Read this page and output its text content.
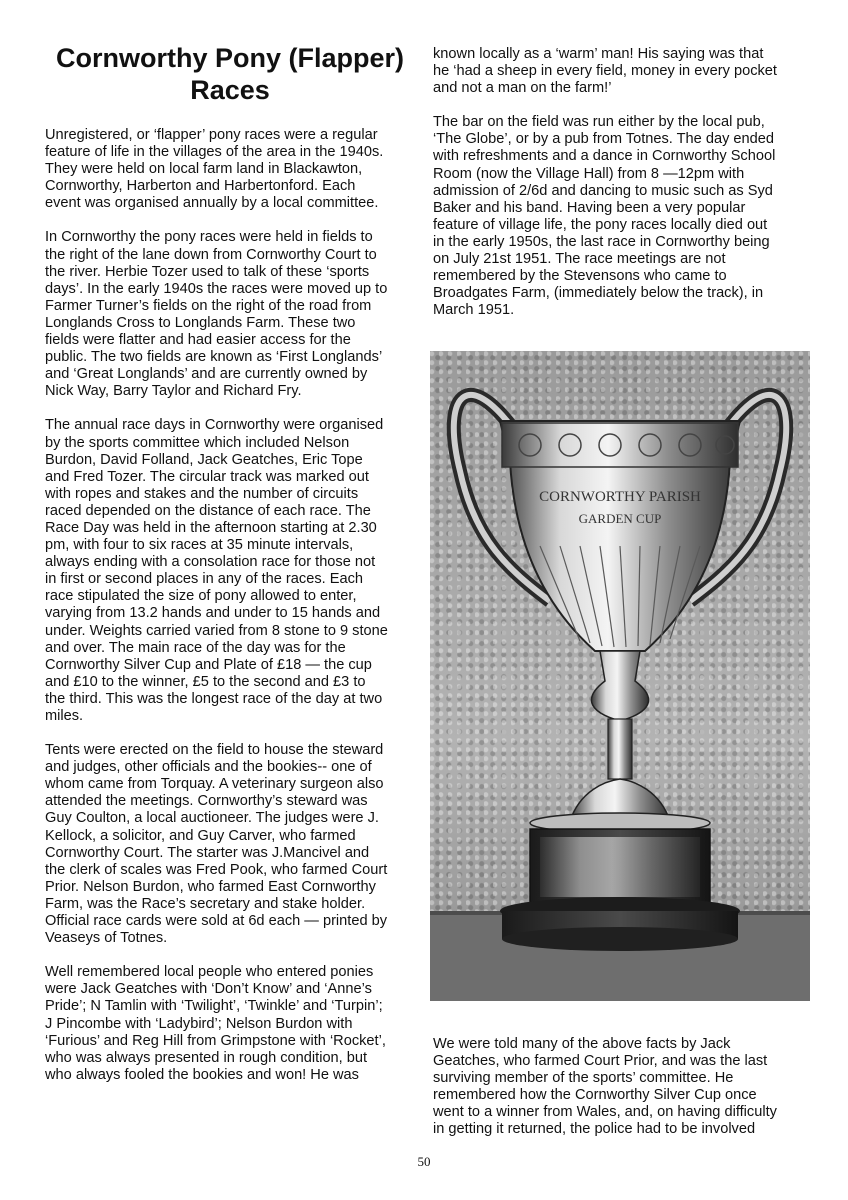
Cornworthy Pony (Flapper) Races

Unregistered, or ‘flapper’ pony races were a regular
feature of life in the villages of the area in the 1940s.
They were held on local farm land in Blackawton,
Cornworthy, Harberton and Harbertonford. Each
event was organised annually by a local committee.

In Cornworthy the pony races were held in fields to
the right of the lane down from Cornworthy Court to
the river. Herbie Tozer used to talk of these ‘sports
days’. In the early 1940s the races were moved up to
Farmer Turner’s fields on the right of the road from
Longlands Cross to Longlands Farm. These two
fields were flatter and had easier access for the
public. The two fields are known as ‘First Longlands’
and ‘Great Longlands’ and are currently owned by
Nick Way, Barry Taylor and Richard Fry.

The annual race days in Cornworthy were organised
by the sports committee which included Nelson
Burdon, David Folland, Jack Geatches, Eric Tope
and Fred Tozer. The circular track was marked out
with ropes and stakes and the number of circuits
raced depended on the distance of each race. The
Race Day was held in the afternoon starting at 2.30
pm, with four to six races at 35 minute intervals,
always ending with a consolation race for those not
in first or second places in any of the races. Each
race stipulated the size of pony allowed to enter,
varying from 13.2 hands and under to 15 hands and
under. Weights carried varied from 8 stone to 9 stone
and over. The main race of the day was for the
Cornworthy Silver Cup and Plate of £18 — the cup
and £10 to the winner, £5 to the second and £3 to
the third. This was the longest race of the day at two
miles.

Tents were erected on the field to house the steward
and judges, other officials and the bookies-- one of
whom came from Torquay. A veterinary surgeon also
attended the meetings. Cornworthy’s steward was
Guy Coulton, a local auctioneer. The judges were J.
Kellock, a solicitor, and Guy Carver, who farmed
Cornworthy Court. The starter was J.Mancivel and
the clerk of scales was Fred Pook, who farmed Court
Prior. Nelson Burdon, who farmed East Cornworthy
Farm, was the Race’s secretary and stake holder.
Official race cards were sold at 6d each — printed by
Veaseys of Totnes.

Well remembered local people who entered ponies
were Jack Geatches with ‘Don’t Know’ and ‘Anne’s
Pride’; N Tamlin with ‘Twilight’, ‘Twinkle’ and ‘Turpin’;
J Pincombe with ‘Ladybird’; Nelson Burdon with
‘Furious’ and Reg Hill from Grimpstone with ‘Rocket’,
who was always presented in rough condition, but
who always fooled the bookies and won! He was

known locally as a ‘warm’ man! His saying was that
he ‘had a sheep in every field, money in every pocket
and not a man on the farm!’

The bar on the field was run either by the local pub,
‘The Globe’, or by a pub from Totnes. The day ended
with refreshments and a dance in Cornworthy School
Room (now the Village Hall) from 8 —12pm with
admission of 2/6d and dancing to music such as Syd
Baker and his band. Having been a very popular
feature of village life, the pony races locally died out
in the early 1950s, the last race in Cornworthy being
on July 21st 1951. The race meetings are not
remembered by the Stevensons who came to
Broadgates Farm, (immediately below the track), in
March 1951.

CORNWORTHY PARISH
GARDEN CUP

We were told many of the above facts by Jack
Geatches, who farmed Court Prior, and was the last
surviving member of the sports’ committee. He
remembered how the Cornworthy Silver Cup once
went to a winner from Wales, and, on having difficulty
in getting it returned, the police had to be involved

50
